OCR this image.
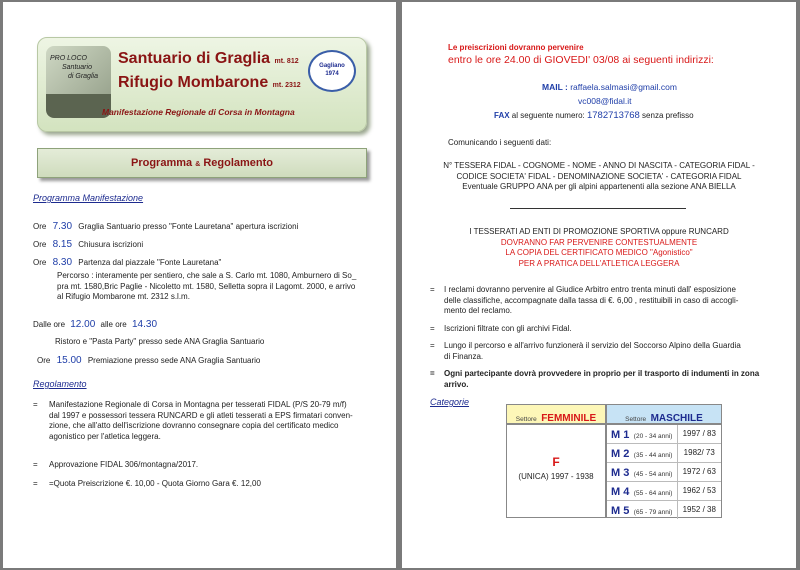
PRO LOCO
Santuario
di Graglia
Santuario di Graglia mt. 812
Rifugio Mombarone mt. 2312
Manifestazione Regionale di Corsa in Montagna
Gagliano
1974
Programma & Regolamento
Programma Manifestazione
Ore 7.30 Graglia Santuario presso "Fonte Lauretana" apertura iscrizioni
Ore 8.15 Chiusura iscrizioni
Ore 8.30 Partenza dal piazzale "Fonte Lauretana"
Percorso : interamente per sentiero, che sale a S. Carlo mt. 1080, Amburnero di So_
pra mt. 1580,Bric Paglie - Nicoletto mt. 1580, Selletta sopra il Lagomt. 2000, e arrivo
al Rifugio Mombarone mt. 2312 s.l.m.
Dalle ore 12.00 alle ore 14.30
Ristoro e "Pasta Party" presso sede ANA Graglia Santuario
Ore 15.00 Premiazione presso sede ANA Graglia Santuario
Regolamento
= Manifestazione Regionale di Corsa in Montagna per tesserati FIDAL (P/S 20-79 m/f)
dal 1997 e possessori tessera RUNCARD e gli atleti tesserati a EPS firmatari conven-
zione, che all'atto dell'iscrizione dovranno consegnare copia del certificato medico
agonistico per l'atletica leggera.
= Approvazione FIDAL 306/montagna/2017.
= =Quota Preiscrizione €. 10,00 - Quota Giorno Gara €. 12,00
Le preiscrizioni dovranno pervenire
entro le ore 24.00 di GIOVEDI' 03/08 ai seguenti indirizzi:
MAIL : raffaela.salmasi@gmail.com
vc008@fidal.it
FAX al seguente numero: 1782713768 senza prefisso
Comunicando i seguenti dati:
N° TESSERA FIDAL - COGNOME - NOME - ANNO DI NASCITA - CATEGORIA FIDAL -
CODICE SOCIETA' FIDAL - DENOMINAZIONE SOCIETA' - CATEGORIA FIDAL
Eventuale GRUPPO ANA per gli alpini appartenenti alla sezione ANA BIELLA
I TESSERATI AD ENTI DI PROMOZIONE SPORTIVA oppure RUNCARD
DOVRANNO FAR PERVENIRE CONTESTUALMENTE
LA COPIA DEL CERTIFICATO MEDICO "Agonistico"
PER A PRATICA DELL'ATLETICA LEGGERA
= I reclami dovranno pervenire al Giudice Arbitro entro trenta minuti dall' esposizione
delle classifiche, accompagnate dalla tassa di €. 6,00 , restituibili in caso di accogli-
mento del reclamo.
= Iscrizioni filtrate con gli archivi Fidal.
= Lungo il percorso e all'arrivo funzionerà il servizio del Soccorso Alpino della Guardia
di Finanza.
= Ogni partecipante dovrà provvedere in proprio per il trasporto di indumenti in zona
arrivo.
Categorie
Settore FEMMINILE	Settore MASCHILE
F
(UNICA) 1997 - 1938
M 1 (20 - 34 anni)	1997 / 83
M 2 (35 - 44 anni)	1982/ 73
M 3 (45 - 54 anni)	1972 / 63
M 4 (55 - 64 anni)	1962 / 53
M 5 (65 - 79 anni)	1952 / 38
